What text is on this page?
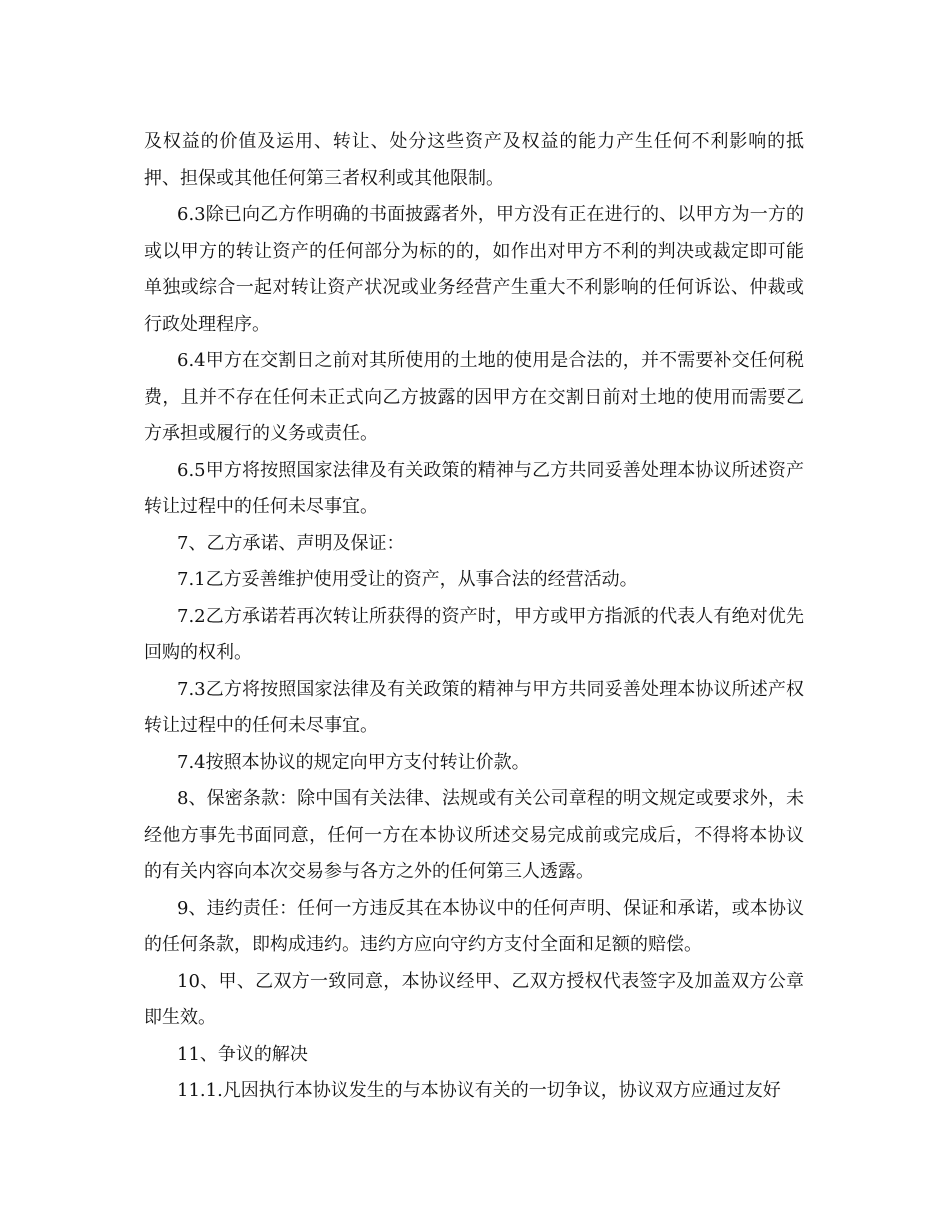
及权益的价值及运用、转让、处分这些资产及权益的能力产生任何不利影响的抵押、担保或其他任何第三者权利或其他限制。

6.3除已向乙方作明确的书面披露者外，甲方没有正在进行的、以甲方为一方的或以甲方的转让资产的任何部分为标的的，如作出对甲方不利的判决或裁定即可能单独或综合一起对转让资产状况或业务经营产生重大不利影响的任何诉讼、仲裁或行政处理程序。

6.4甲方在交割日之前对其所使用的土地的使用是合法的，并不需要补交任何税费，且并不存在任何未正式向乙方披露的因甲方在交割日前对土地的使用而需要乙方承担或履行的义务或责任。

6.5甲方将按照国家法律及有关政策的精神与乙方共同妥善处理本协议所述资产转让过程中的任何未尽事宜。

7、乙方承诺、声明及保证：

7.1乙方妥善维护使用受让的资产，从事合法的经营活动。

7.2乙方承诺若再次转让所获得的资产时，甲方或甲方指派的代表人有绝对优先回购的权利。

7.3乙方将按照国家法律及有关政策的精神与甲方共同妥善处理本协议所述产权转让过程中的任何未尽事宜。

7.4按照本协议的规定向甲方支付转让价款。

8、保密条款：除中国有关法律、法规或有关公司章程的明文规定或要求外，未经他方事先书面同意，任何一方在本协议所述交易完成前或完成后，不得将本协议的有关内容向本次交易参与各方之外的任何第三人透露。

9、违约责任：任何一方违反其在本协议中的任何声明、保证和承诺，或本协议的任何条款，即构成违约。违约方应向守约方支付全面和足额的赔偿。

10、甲、乙双方一致同意，本协议经甲、乙双方授权代表签字及加盖双方公章即生效。

11、争议的解决

11.1.凡因执行本协议发生的与本协议有关的一切争议，协议双方应通过友好
